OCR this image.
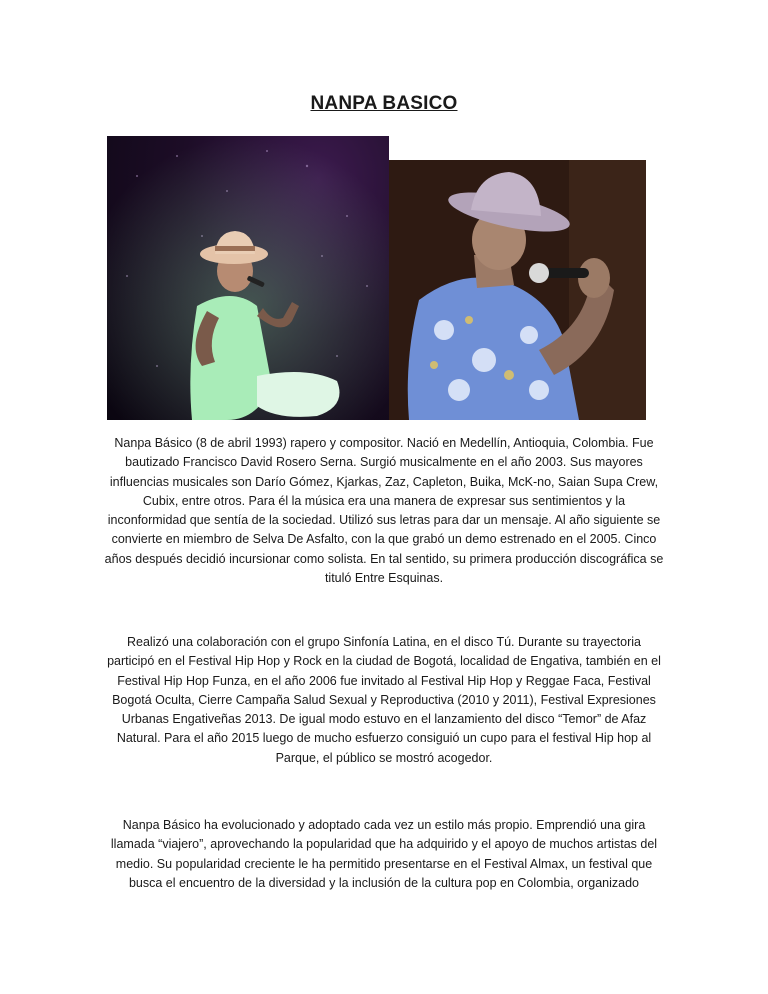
NANPA BASICO

Nanpa Básico (8 de abril 1993) rapero y compositor. Nació en Medellín, Antioquia, Colombia. Fue bautizado Francisco David Rosero Serna. Surgió musicalmente en el año 2003. Sus mayores influencias musicales son Darío Gómez, Kjarkas, Zaz, Capleton, Buika, McK-no, Saian Supa Crew, Cubix, entre otros. Para él la música era una manera de expresar sus sentimientos y la inconformidad que sentía de la sociedad. Utilizó sus letras para dar un mensaje. Al año siguiente se convierte en miembro de Selva De Asfalto, con la que grabó un demo estrenado en el 2005. Cinco años después decidió incursionar como solista. En tal sentido, su primera producción discográfica se tituló Entre Esquinas.

Realizó una colaboración con el grupo Sinfonía Latina, en el disco Tú. Durante su trayectoria participó en el Festival Hip Hop y Rock en la ciudad de Bogotá, localidad de Engativa, también en el Festival Hip Hop Funza, en el año 2006 fue invitado al Festival Hip Hop y Reggae Faca, Festival Bogotá Oculta, Cierre Campaña Salud Sexual y Reproductiva (2010 y 2011), Festival Expresiones Urbanas Engativeñas 2013. De igual modo estuvo en el lanzamiento del disco “Temor” de Afaz Natural. Para el año 2015 luego de mucho esfuerzo consiguió un cupo para el festival Hip hop al Parque, el público se mostró acogedor.

Nanpa Básico ha evolucionado y adoptado cada vez un estilo más propio. Emprendió una gira llamada “viajero”, aprovechando la popularidad que ha adquirido y el apoyo de muchos artistas del medio. Su popularidad creciente le ha permitido presentarse en el Festival Almax, un festival que busca el encuentro de la diversidad y la inclusión de la cultura pop en Colombia, organizado
